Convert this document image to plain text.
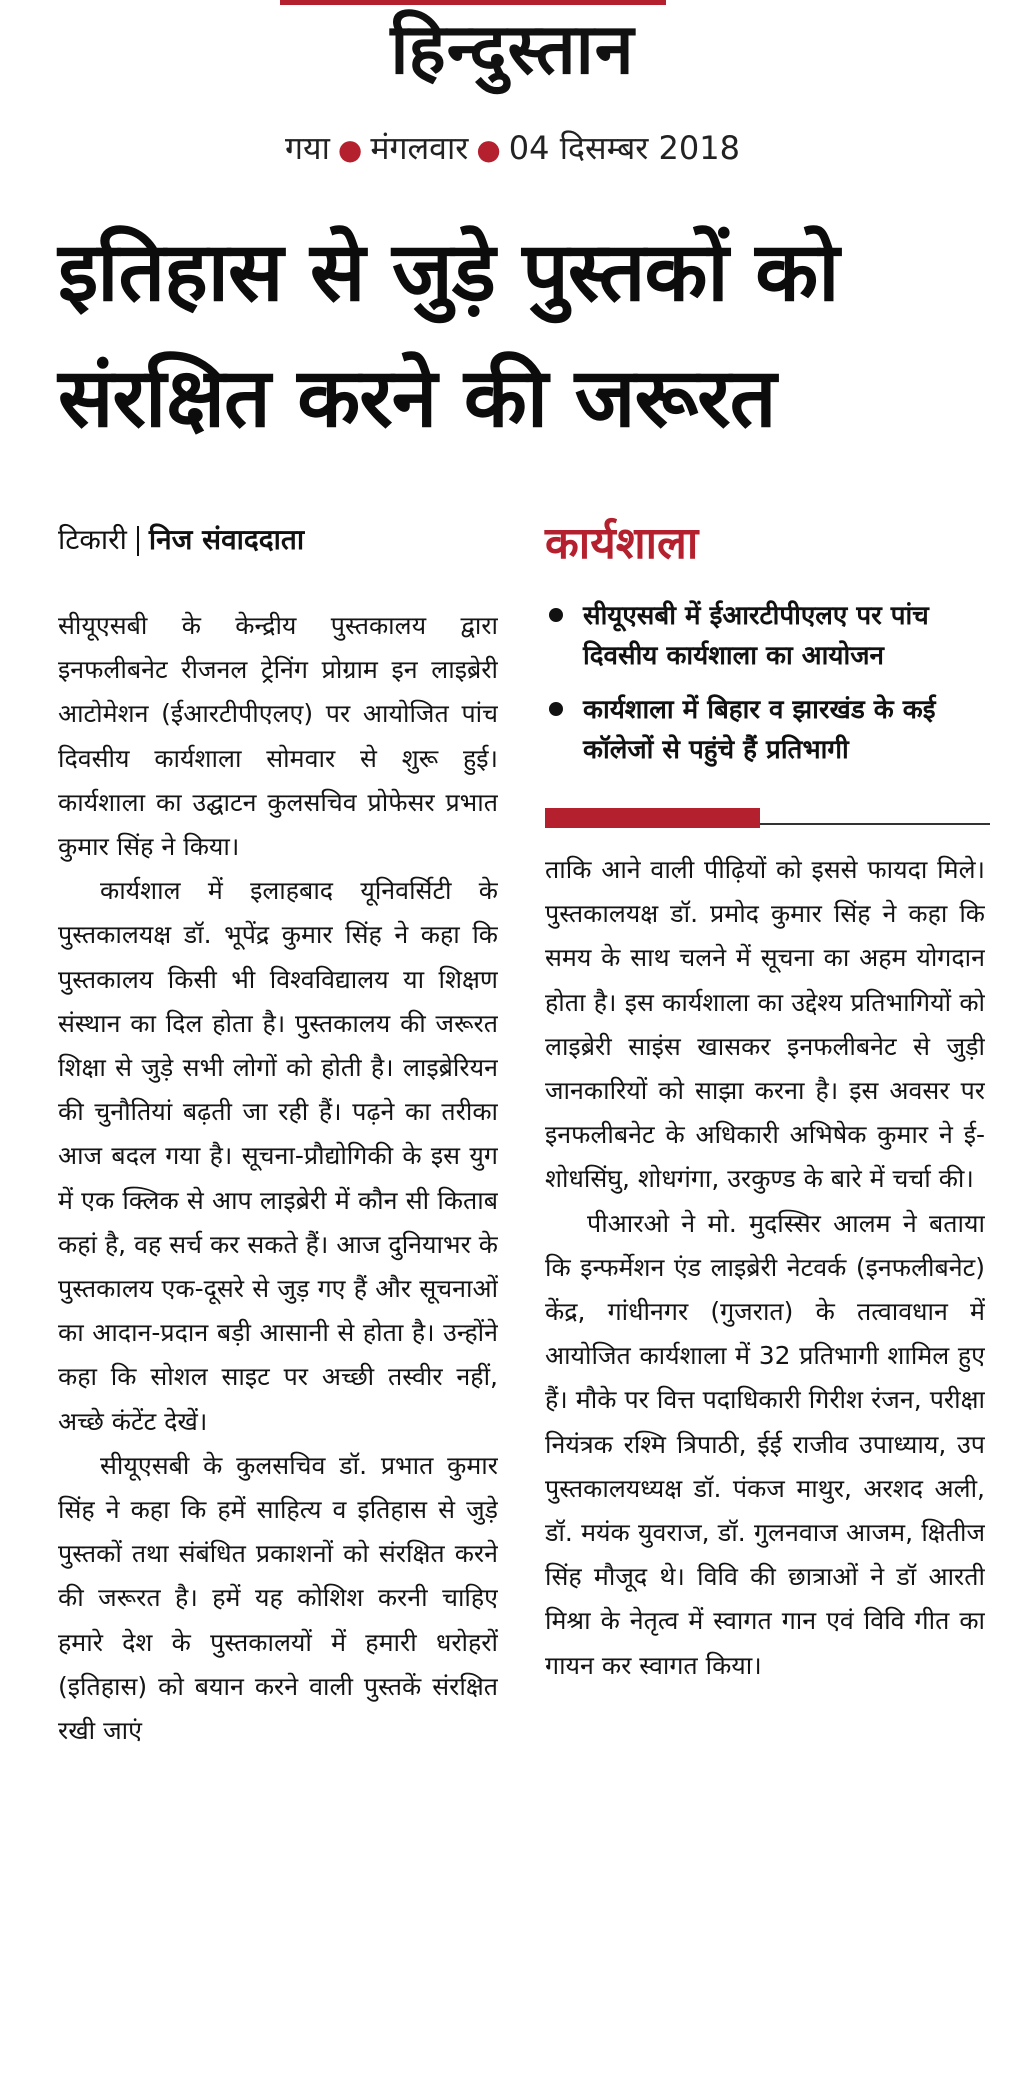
हिन्दुस्तान
गया ● मंगलवार ● 04 दिसम्बर 2018
इतिहास से जुड़े पुस्तकों को
संरक्षित करने की जरूरत
टिकारी निज संवाददाता

सीयूएसबी के केन्द्रीय पुस्तकालय द्वारा इनफलीबनेट रीजनल ट्रेनिंग प्रोग्राम इन लाइब्रेरी आटोमेशन (ईआरटीपीएलए) पर आयोजित पांच दिवसीय कार्यशाला सोमवार से शुरू हुई। कार्यशाला का उद्घाटन कुलसचिव प्रोफेसर प्रभात कुमार सिंह ने किया।

कार्यशाल में इलाहबाद यूनिवर्सिटी के पुस्तकालयक्ष डॉ. भूपेंद्र कुमार सिंह ने कहा कि पुस्तकालय किसी भी विश्वविद्यालय या शिक्षण संस्थान का दिल होता है। पुस्तकालय की जरूरत शिक्षा से जुड़े सभी लोगों को होती है। लाइब्रेरियन की चुनौतियां बढ़ती जा रही हैं। पढ़ने का तरीका आज बदल गया है। सूचना-प्रौद्योगिकी के इस युग में एक क्लिक से आप लाइब्रेरी में कौन सी किताब कहां है, वह सर्च कर सकते हैं। आज दुनियाभर के पुस्तकालय एक-दूसरे से जुड़ गए हैं और सूचनाओं का आदान-प्रदान बड़ी आसानी से होता है। उन्होंने कहा कि सोशल साइट पर अच्छी तस्वीर नहीं, अच्छे कंटेंट देखें।

सीयूएसबी के कुलसचिव डॉ. प्रभात कुमार सिंह ने कहा कि हमें साहित्य व इतिहास से जुड़े पुस्तकों तथा संबंधित प्रकाशनों को संरक्षित करने की जरूरत है। हमें यह कोशिश करनी चाहिए हमारे देश के पुस्तकालयों में हमारी धरोहरों (इतिहास) को बयान करने वाली पुस्तकें संरक्षित रखी जाएं

कार्यशाला
सीयूएसबी में ईआरटीपीएलए पर पांच दिवसीय कार्यशाला का आयोजन
कार्यशाला में बिहार व झारखंड के कई कॉलेजों से पहुंचे हैं प्रतिभागी

ताकि आने वाली पीढ़ियों को इससे फायदा मिले। पुस्तकालयक्ष डॉ. प्रमोद कुमार सिंह ने कहा कि समय के साथ चलने में सूचना का अहम योगदान होता है। इस कार्यशाला का उद्देश्य प्रतिभागियों को लाइब्रेरी साइंस खासकर इनफलीबनेट से जुड़ी जानकारियों को साझा करना है। इस अवसर पर इनफलीबनेट के अधिकारी अभिषेक कुमार ने ई-शोधसिंघु, शोधगंगा, उरकुण्ड के बारे में चर्चा की।

पीआरओ ने मो. मुदस्सिर आलम ने बताया कि इन्फर्मेशन एंड लाइब्रेरी नेटवर्क (इनफलीबनेट) केंद्र, गांधीनगर (गुजरात) के तत्वावधान में आयोजित कार्यशाला में 32 प्रतिभागी शामिल हुए हैं। मौके पर वित्त पदाधिकारी गिरीश रंजन, परीक्षा नियंत्रक रश्मि त्रिपाठी, ईई राजीव उपाध्याय, उप पुस्तकालयध्यक्ष डॉ. पंकज माथुर, अरशद अली, डॉ. मयंक युवराज, डॉ. गुलनवाज आजम, क्षितीज सिंह मौजूद थे। विवि की छात्राओं ने डॉ आरती मिश्रा के नेतृत्व में स्वागत गान एवं विवि गीत का गायन कर स्वागत किया।
